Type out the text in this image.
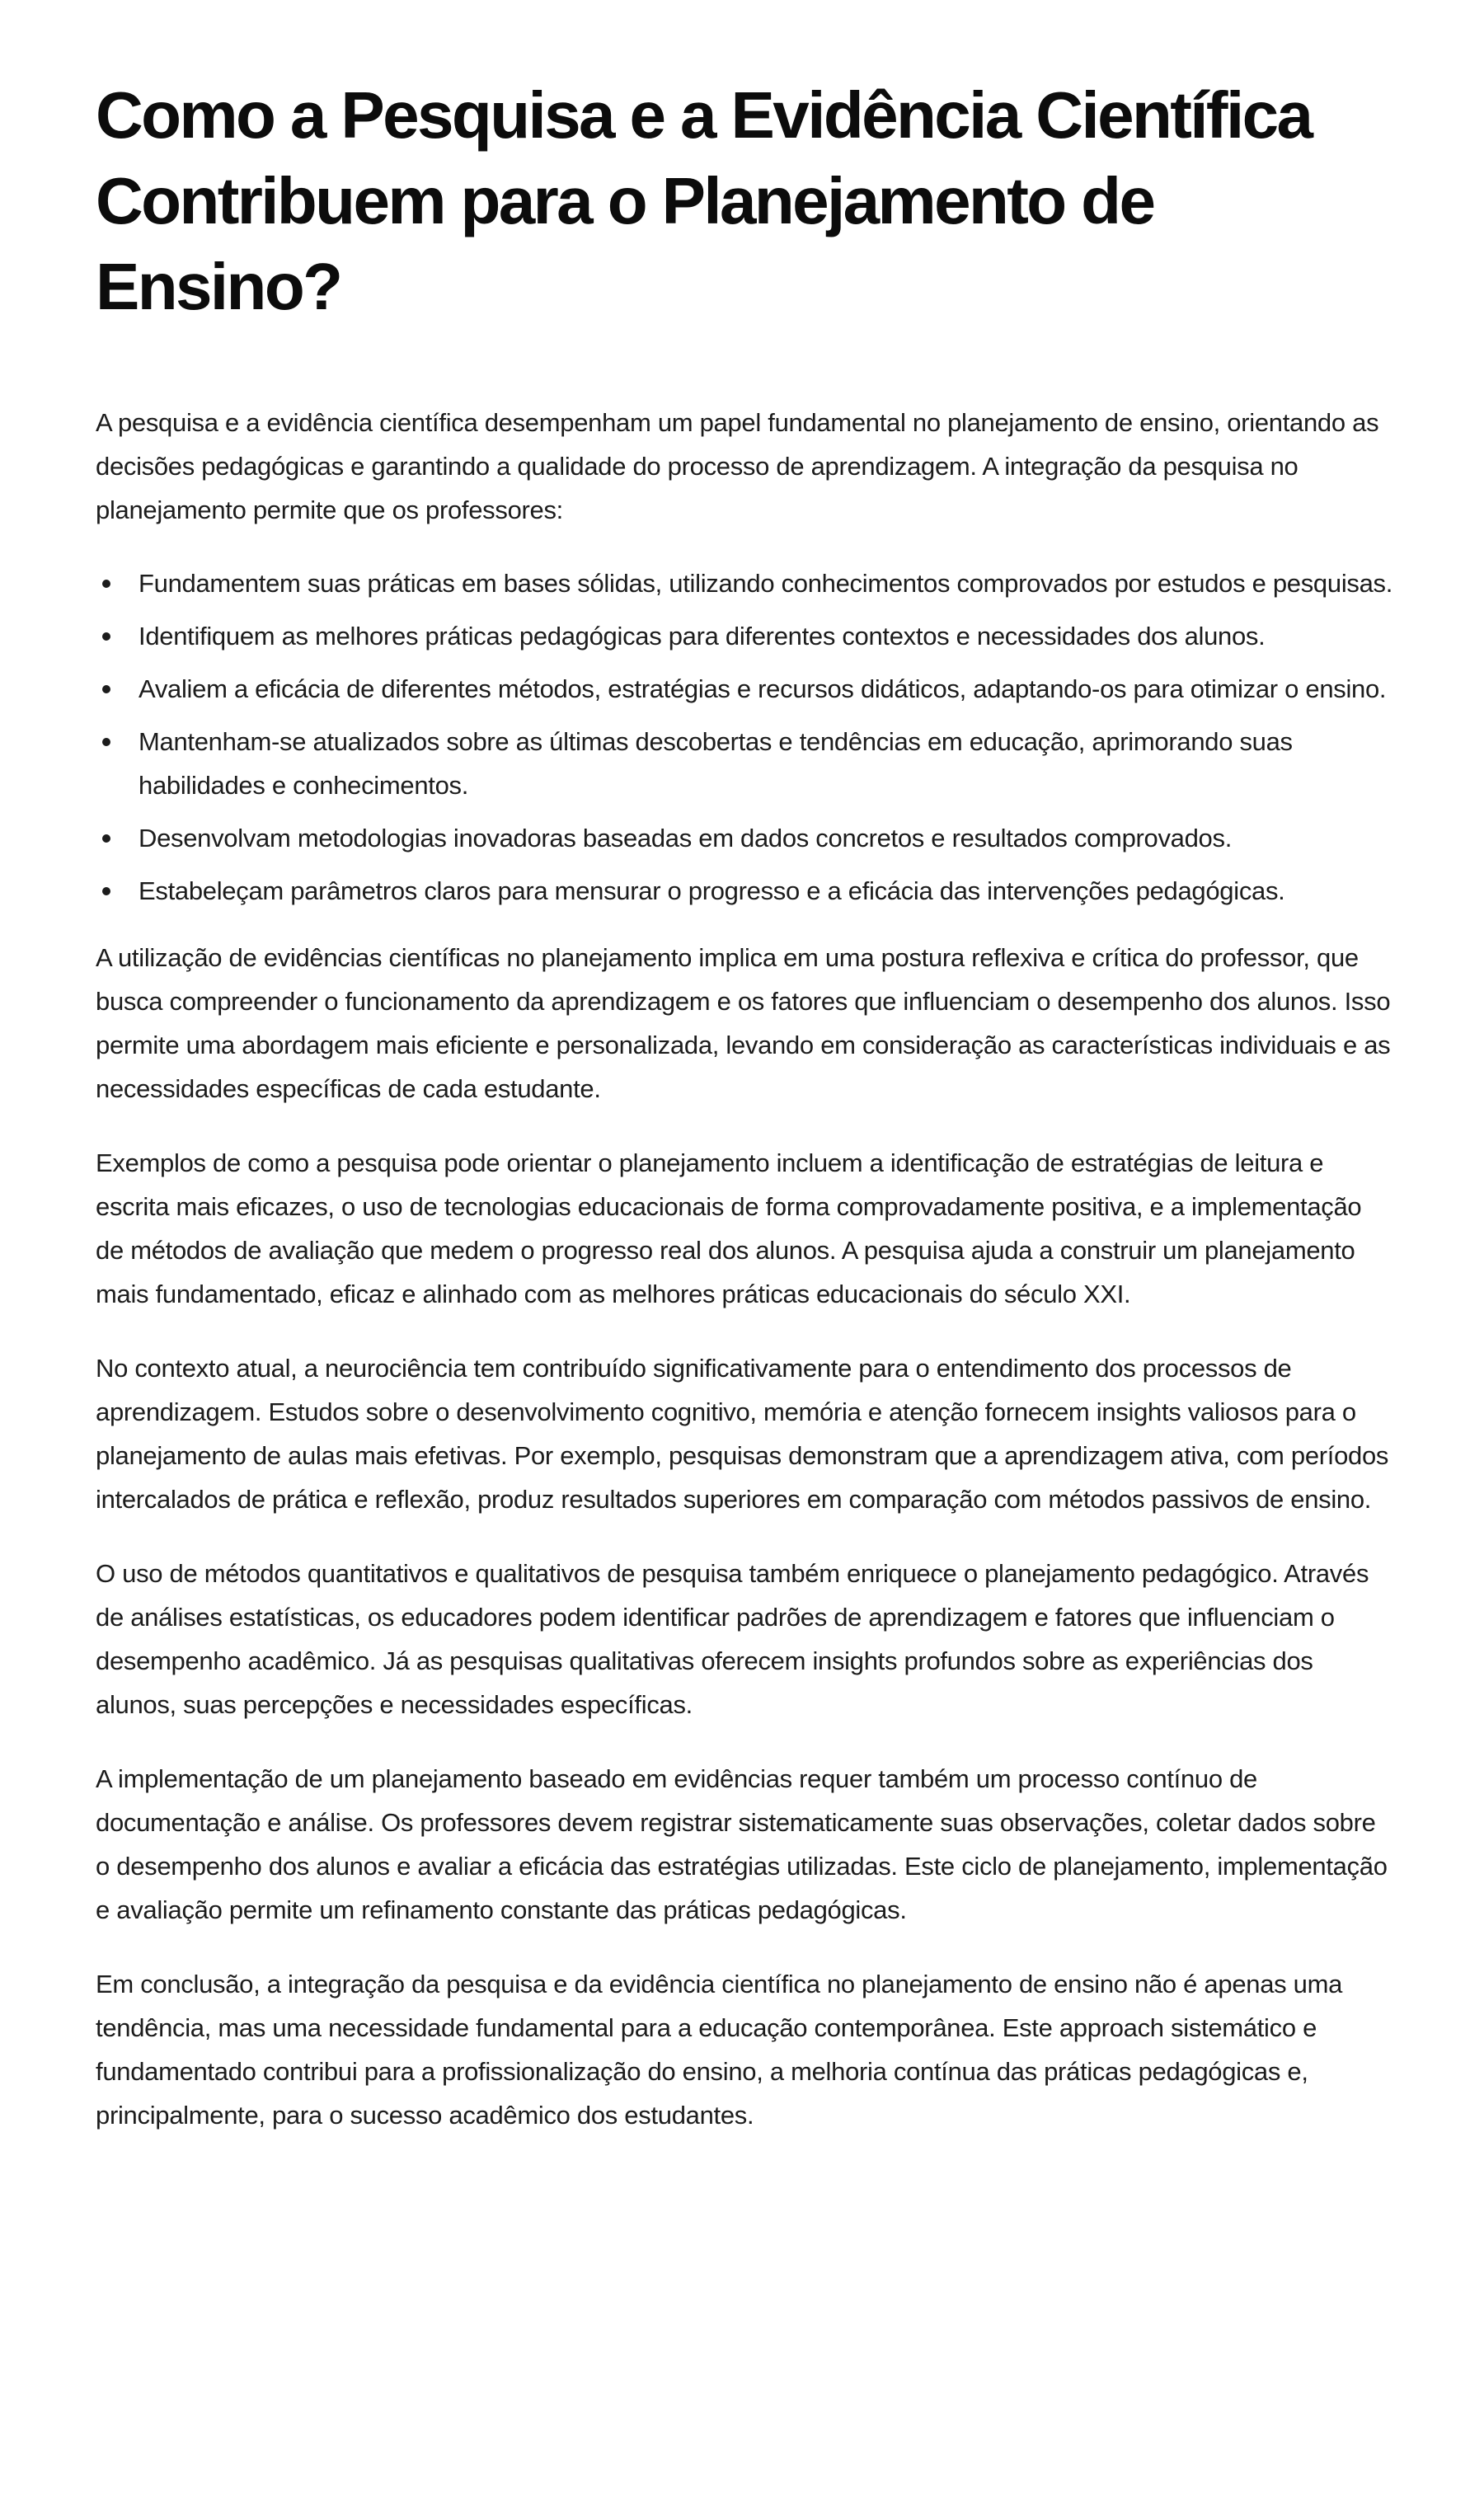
Como a Pesquisa e a Evidência Científica Contribuem para o Planejamento de Ensino?

A pesquisa e a evidência científica desempenham um papel fundamental no planejamento de ensino, orientando as decisões pedagógicas e garantindo a qualidade do processo de aprendizagem. A integração da pesquisa no planejamento permite que os professores:

Fundamentem suas práticas em bases sólidas, utilizando conhecimentos comprovados por estudos e pesquisas.
Identifiquem as melhores práticas pedagógicas para diferentes contextos e necessidades dos alunos.
Avaliem a eficácia de diferentes métodos, estratégias e recursos didáticos, adaptando-os para otimizar o ensino.
Mantenham-se atualizados sobre as últimas descobertas e tendências em educação, aprimorando suas habilidades e conhecimentos.
Desenvolvam metodologias inovadoras baseadas em dados concretos e resultados comprovados.
Estabeleçam parâmetros claros para mensurar o progresso e a eficácia das intervenções pedagógicas.

A utilização de evidências científicas no planejamento implica em uma postura reflexiva e crítica do professor, que busca compreender o funcionamento da aprendizagem e os fatores que influenciam o desempenho dos alunos. Isso permite uma abordagem mais eficiente e personalizada, levando em consideração as características individuais e as necessidades específicas de cada estudante.

Exemplos de como a pesquisa pode orientar o planejamento incluem a identificação de estratégias de leitura e escrita mais eficazes, o uso de tecnologias educacionais de forma comprovadamente positiva, e a implementação de métodos de avaliação que medem o progresso real dos alunos. A pesquisa ajuda a construir um planejamento mais fundamentado, eficaz e alinhado com as melhores práticas educacionais do século XXI.

No contexto atual, a neurociência tem contribuído significativamente para o entendimento dos processos de aprendizagem. Estudos sobre o desenvolvimento cognitivo, memória e atenção fornecem insights valiosos para o planejamento de aulas mais efetivas. Por exemplo, pesquisas demonstram que a aprendizagem ativa, com períodos intercalados de prática e reflexão, produz resultados superiores em comparação com métodos passivos de ensino.

O uso de métodos quantitativos e qualitativos de pesquisa também enriquece o planejamento pedagógico. Através de análises estatísticas, os educadores podem identificar padrões de aprendizagem e fatores que influenciam o desempenho acadêmico. Já as pesquisas qualitativas oferecem insights profundos sobre as experiências dos alunos, suas percepções e necessidades específicas.

A implementação de um planejamento baseado em evidências requer também um processo contínuo de documentação e análise. Os professores devem registrar sistematicamente suas observações, coletar dados sobre o desempenho dos alunos e avaliar a eficácia das estratégias utilizadas. Este ciclo de planejamento, implementação e avaliação permite um refinamento constante das práticas pedagógicas.

Em conclusão, a integração da pesquisa e da evidência científica no planejamento de ensino não é apenas uma tendência, mas uma necessidade fundamental para a educação contemporânea. Este approach sistemático e fundamentado contribui para a profissionalização do ensino, a melhoria contínua das práticas pedagógicas e, principalmente, para o sucesso acadêmico dos estudantes.
